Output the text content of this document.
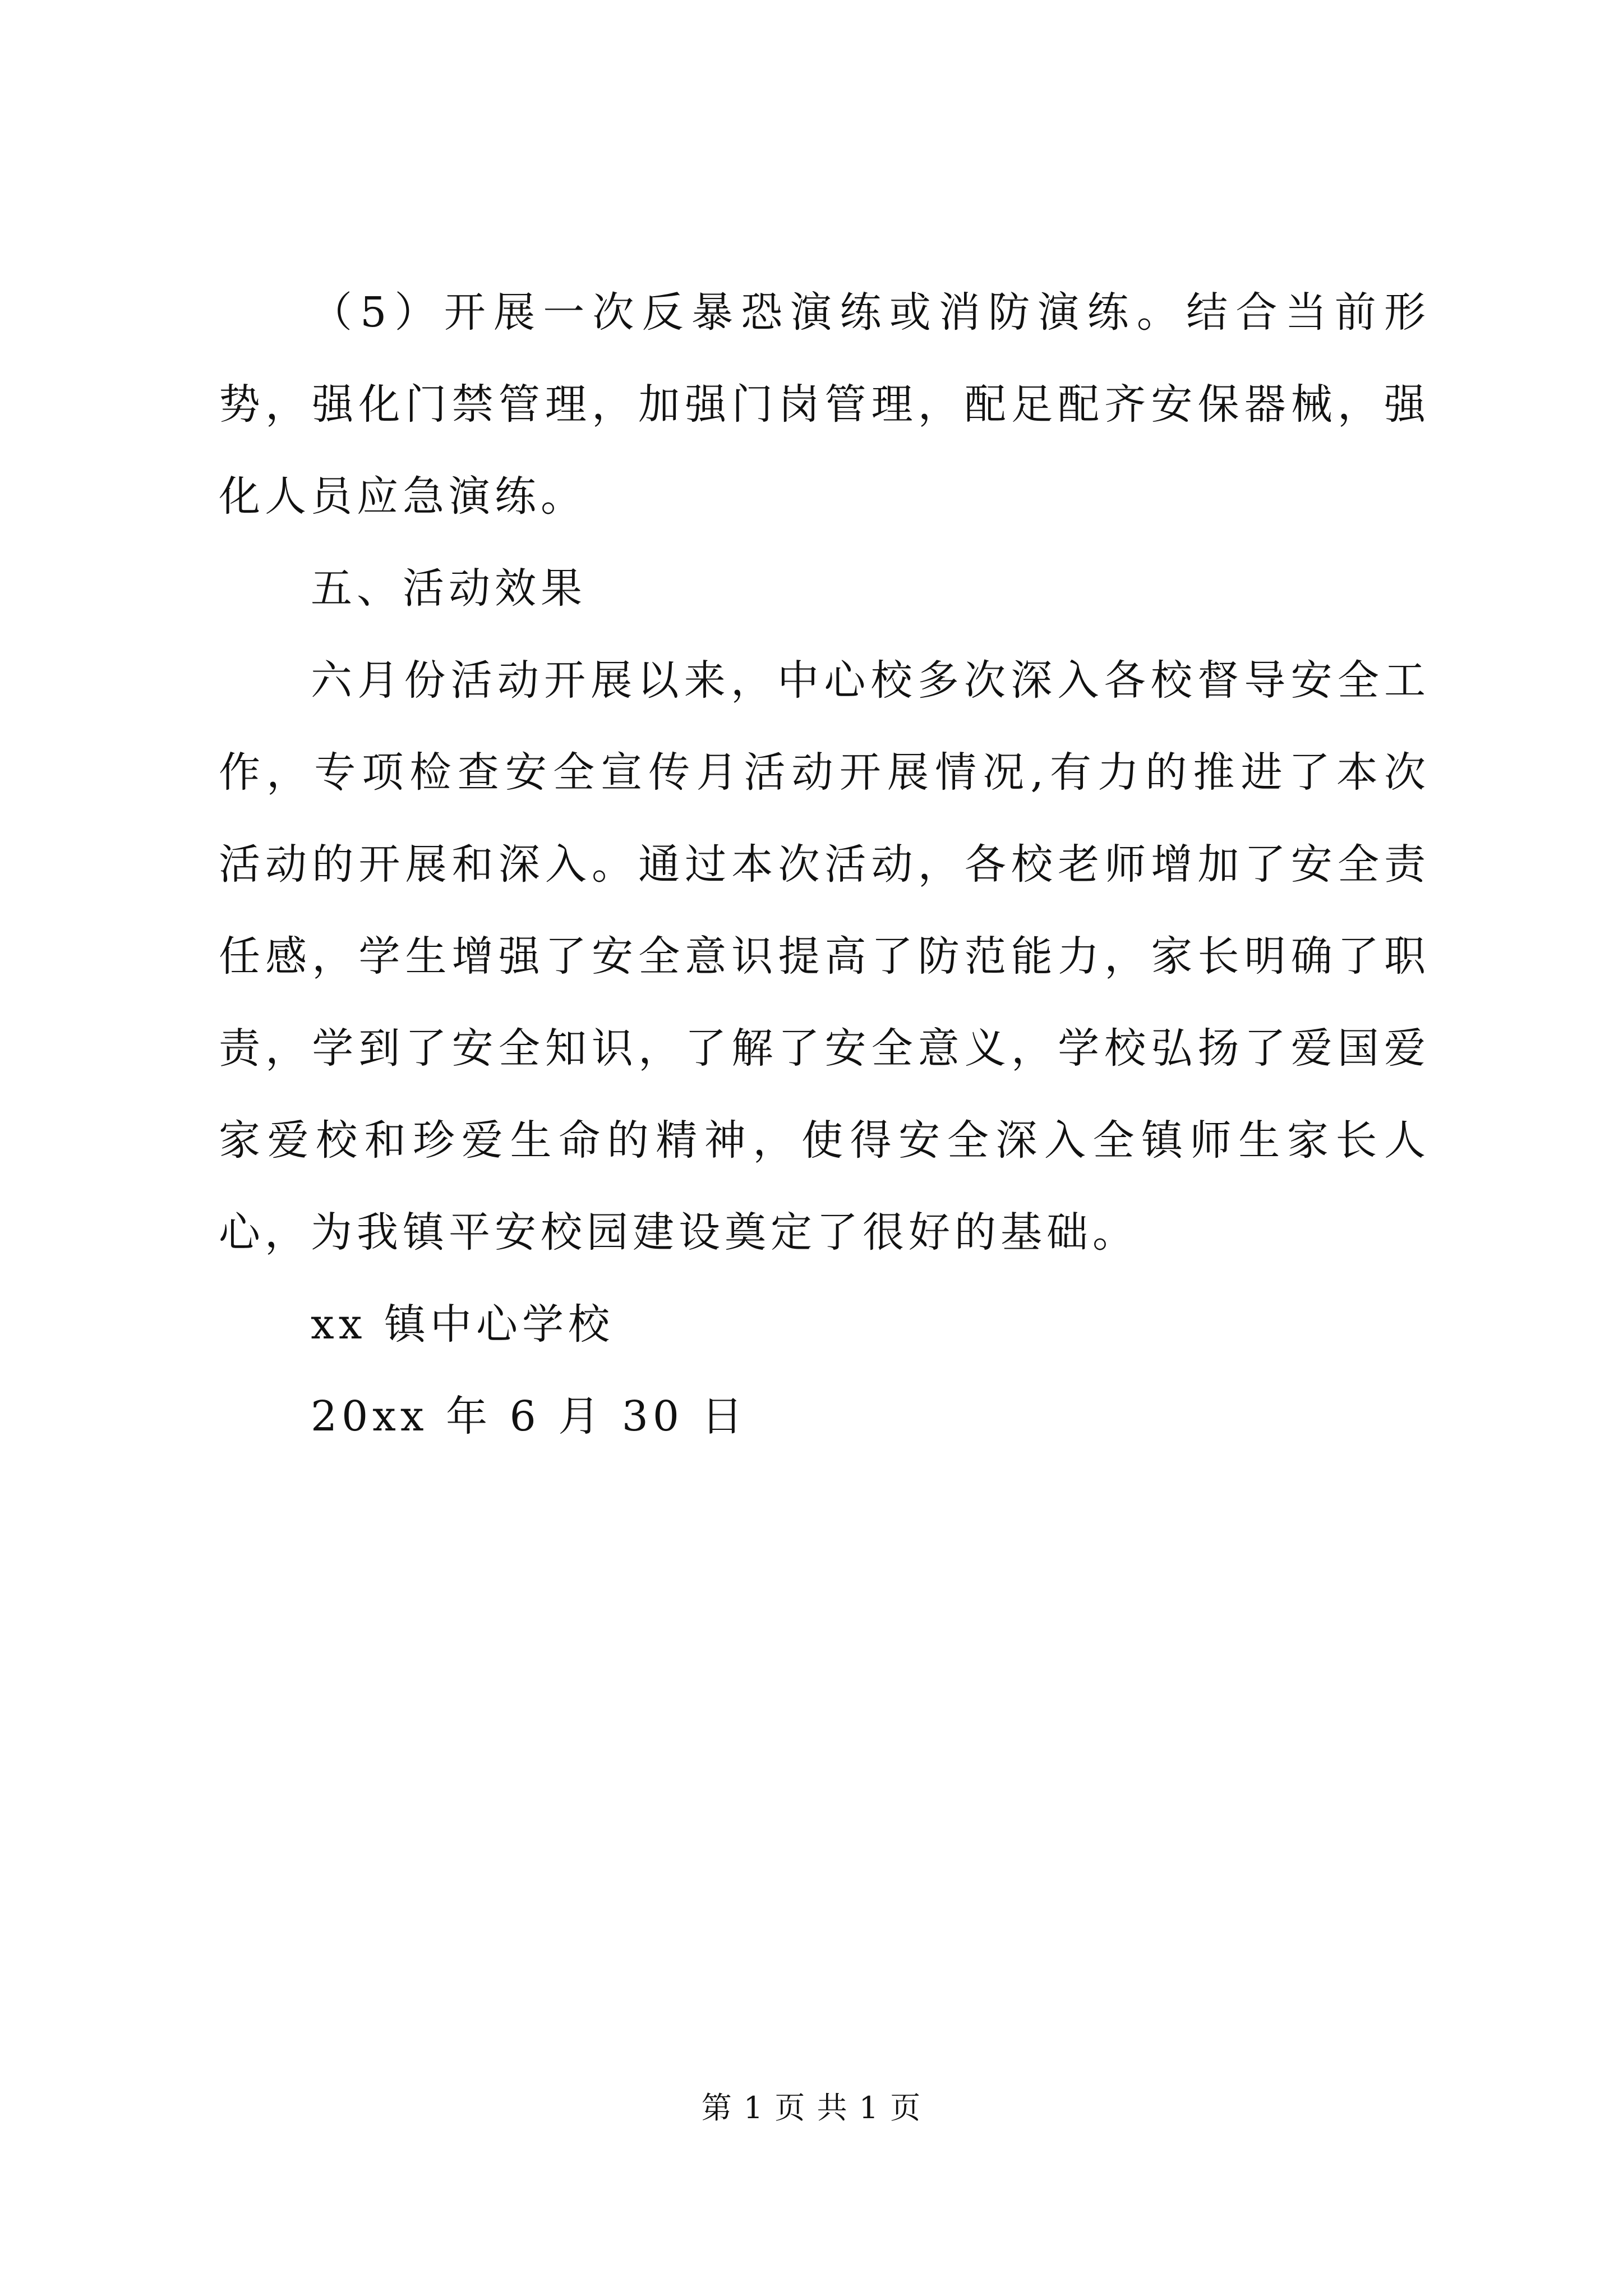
（5）开展一次反暴恐演练或消防演练。结合当前形势，强化门禁管理，加强门岗管理，配足配齐安保器械，强化人员应急演练。

五、活动效果

六月份活动开展以来，中心校多次深入各校督导安全工作，专项检查安全宣传月活动开展情况,有力的推进了本次活动的开展和深入。通过本次活动，各校老师增加了安全责任感，学生增强了安全意识提高了防范能力，家长明确了职责，学到了安全知识，了解了安全意义，学校弘扬了爱国爱家爱校和珍爱生命的精神，使得安全深入全镇师生家长人心，为我镇平安校园建设奠定了很好的基础。

xx 镇中心学校

20xx 年 6 月 30 日

第 1 页 共 1 页
